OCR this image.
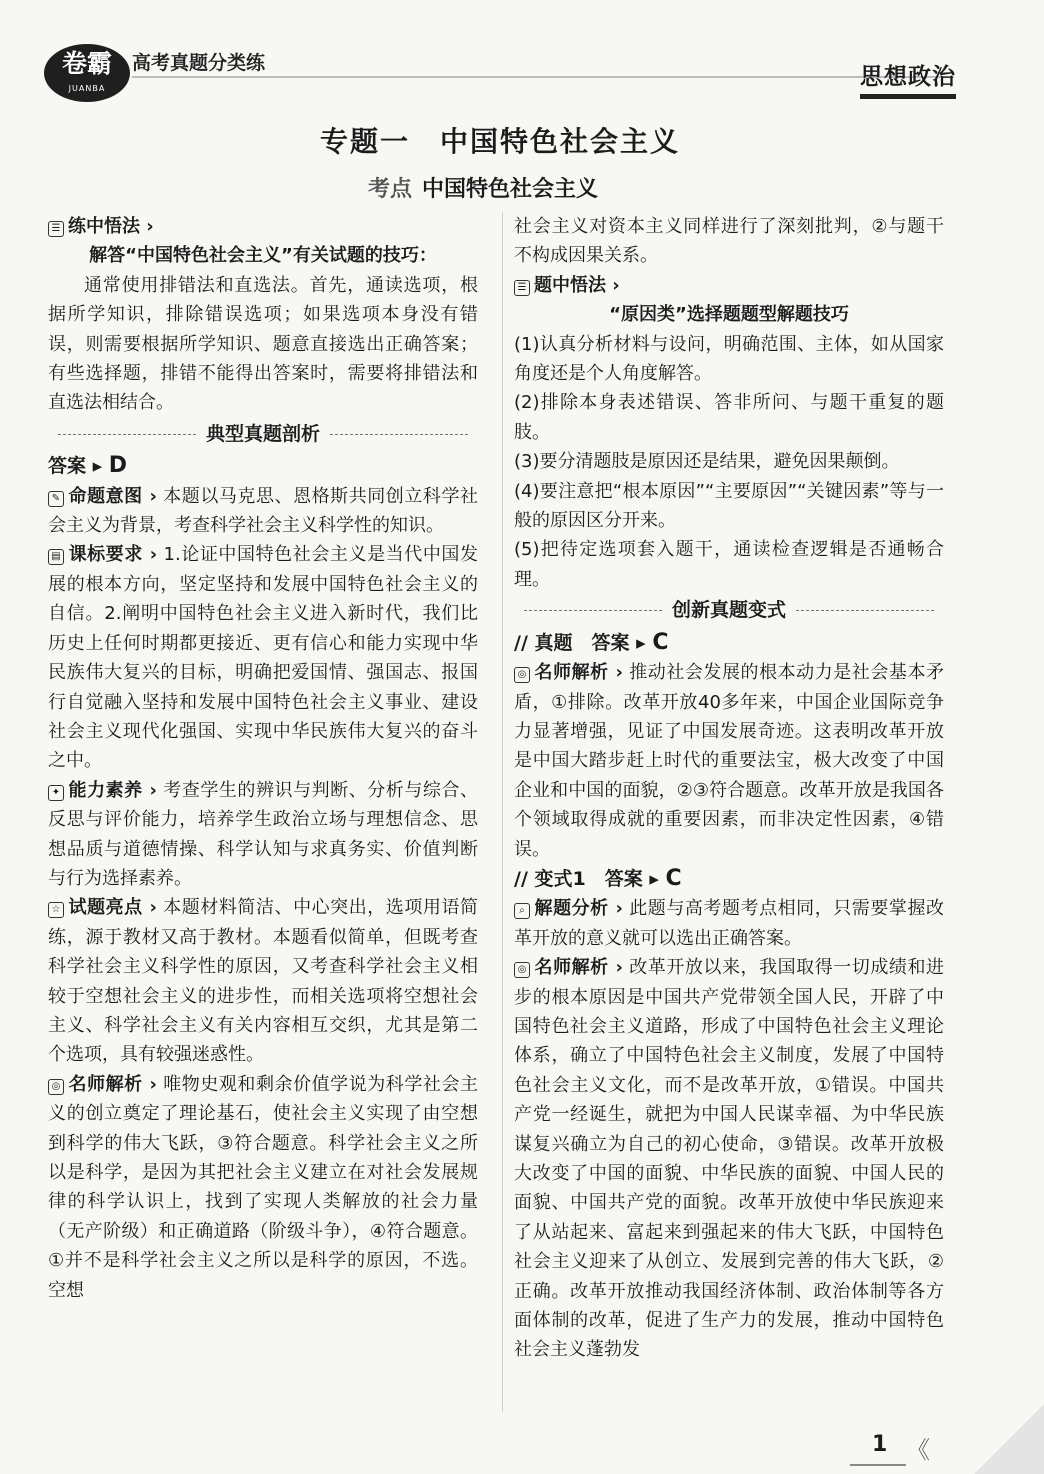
卷霸
JUANBA
高考真题分类练
思想政治
专题一　中国特色社会主义
考点 中国特色社会主义

☰ 练中悟法 ›

解答“中国特色社会主义”有关试题的技巧：

通常使用排错法和直选法。首先，通读选项，根据所学知识，排除错误选项；如果选项本身没有错误，则需要根据所学知识、题意直接选出正确答案；有些选择题，排错不能得出答案时，需要将排错法和直选法相结合。

典型真题剖析

答案 ▸ D

✎ 命题意图 › 本题以马克思、恩格斯共同创立科学社会主义为背景，考查科学社会主义科学性的知识。

▤ 课标要求 › 1.论证中国特色社会主义是当代中国发展的根本方向，坚定坚持和发展中国特色社会主义的自信。2.阐明中国特色社会主义进入新时代，我们比历史上任何时期都更接近、更有信心和能力实现中华民族伟大复兴的目标，明确把爱国情、强国志、报国行自觉融入坚持和发展中国特色社会主义事业、建设社会主义现代化强国、实现中华民族伟大复兴的奋斗之中。

✦ 能力素养 › 考查学生的辨识与判断、分析与综合、反思与评价能力，培养学生政治立场与理想信念、思想品质与道德情操、科学认知与求真务实、价值判断与行为选择素养。

☆ 试题亮点 › 本题材料简洁、中心突出，选项用语简练，源于教材又高于教材。本题看似简单，但既考查科学社会主义科学性的原因，又考查科学社会主义相较于空想社会主义的进步性，而相关选项将空想社会主义、科学社会主义有关内容相互交织，尤其是第二个选项，具有较强迷惑性。

◎ 名师解析 › 唯物史观和剩余价值学说为科学社会主义的创立奠定了理论基石，使社会主义实现了由空想到科学的伟大飞跃，③符合题意。科学社会主义之所以是科学，是因为其把社会主义建立在对社会发展规律的科学认识上，找到了实现人类解放的社会力量（无产阶级）和正确道路（阶级斗争），④符合题意。①并不是科学社会主义之所以是科学的原因，不选。空想

社会主义对资本主义同样进行了深刻批判，②与题干不构成因果关系。

☰ 题中悟法 ›

“原因类”选择题题型解题技巧

(1)认真分析材料与设问，明确范围、主体，如从国家角度还是个人角度解答。

(2)排除本身表述错误、答非所问、与题干重复的题肢。

(3)要分清题肢是原因还是结果，避免因果颠倒。

(4)要注意把“根本原因”“主要原因”“关键因素”等与一般的原因区分开来。

(5)把待定选项套入题干，通读检查逻辑是否通畅合理。

创新真题变式

// 真题　 答案 ▸ C

◎ 名师解析 › 推动社会发展的根本动力是社会基本矛盾，①排除。改革开放40多年来，中国企业国际竞争力显著增强，见证了中国发展奇迹。这表明改革开放是中国大踏步赶上时代的重要法宝，极大改变了中国企业和中国的面貌，②③符合题意。改革开放是我国各个领域取得成就的重要因素，而非决定性因素，④错误。

// 变式1　 答案 ▸ C

⌕ 解题分析 › 此题与高考题考点相同，只需要掌握改革开放的意义就可以选出正确答案。

◎ 名师解析 › 改革开放以来，我国取得一切成绩和进步的根本原因是中国共产党带领全国人民，开辟了中国特色社会主义道路，形成了中国特色社会主义理论体系，确立了中国特色社会主义制度，发展了中国特色社会主义文化，而不是改革开放，①错误。中国共产党一经诞生，就把为中国人民谋幸福、为中华民族谋复兴确立为自己的初心使命，③错误。改革开放极大改变了中国的面貌、中华民族的面貌、中国人民的面貌、中国共产党的面貌。改革开放使中华民族迎来了从站起来、富起来到强起来的伟大飞跃，中国特色社会主义迎来了从创立、发展到完善的伟大飞跃，②正确。改革开放推动我国经济体制、政治体制等各方面体制的改革，促进了生产力的发展，推动中国特色社会主义蓬勃发

1 《
